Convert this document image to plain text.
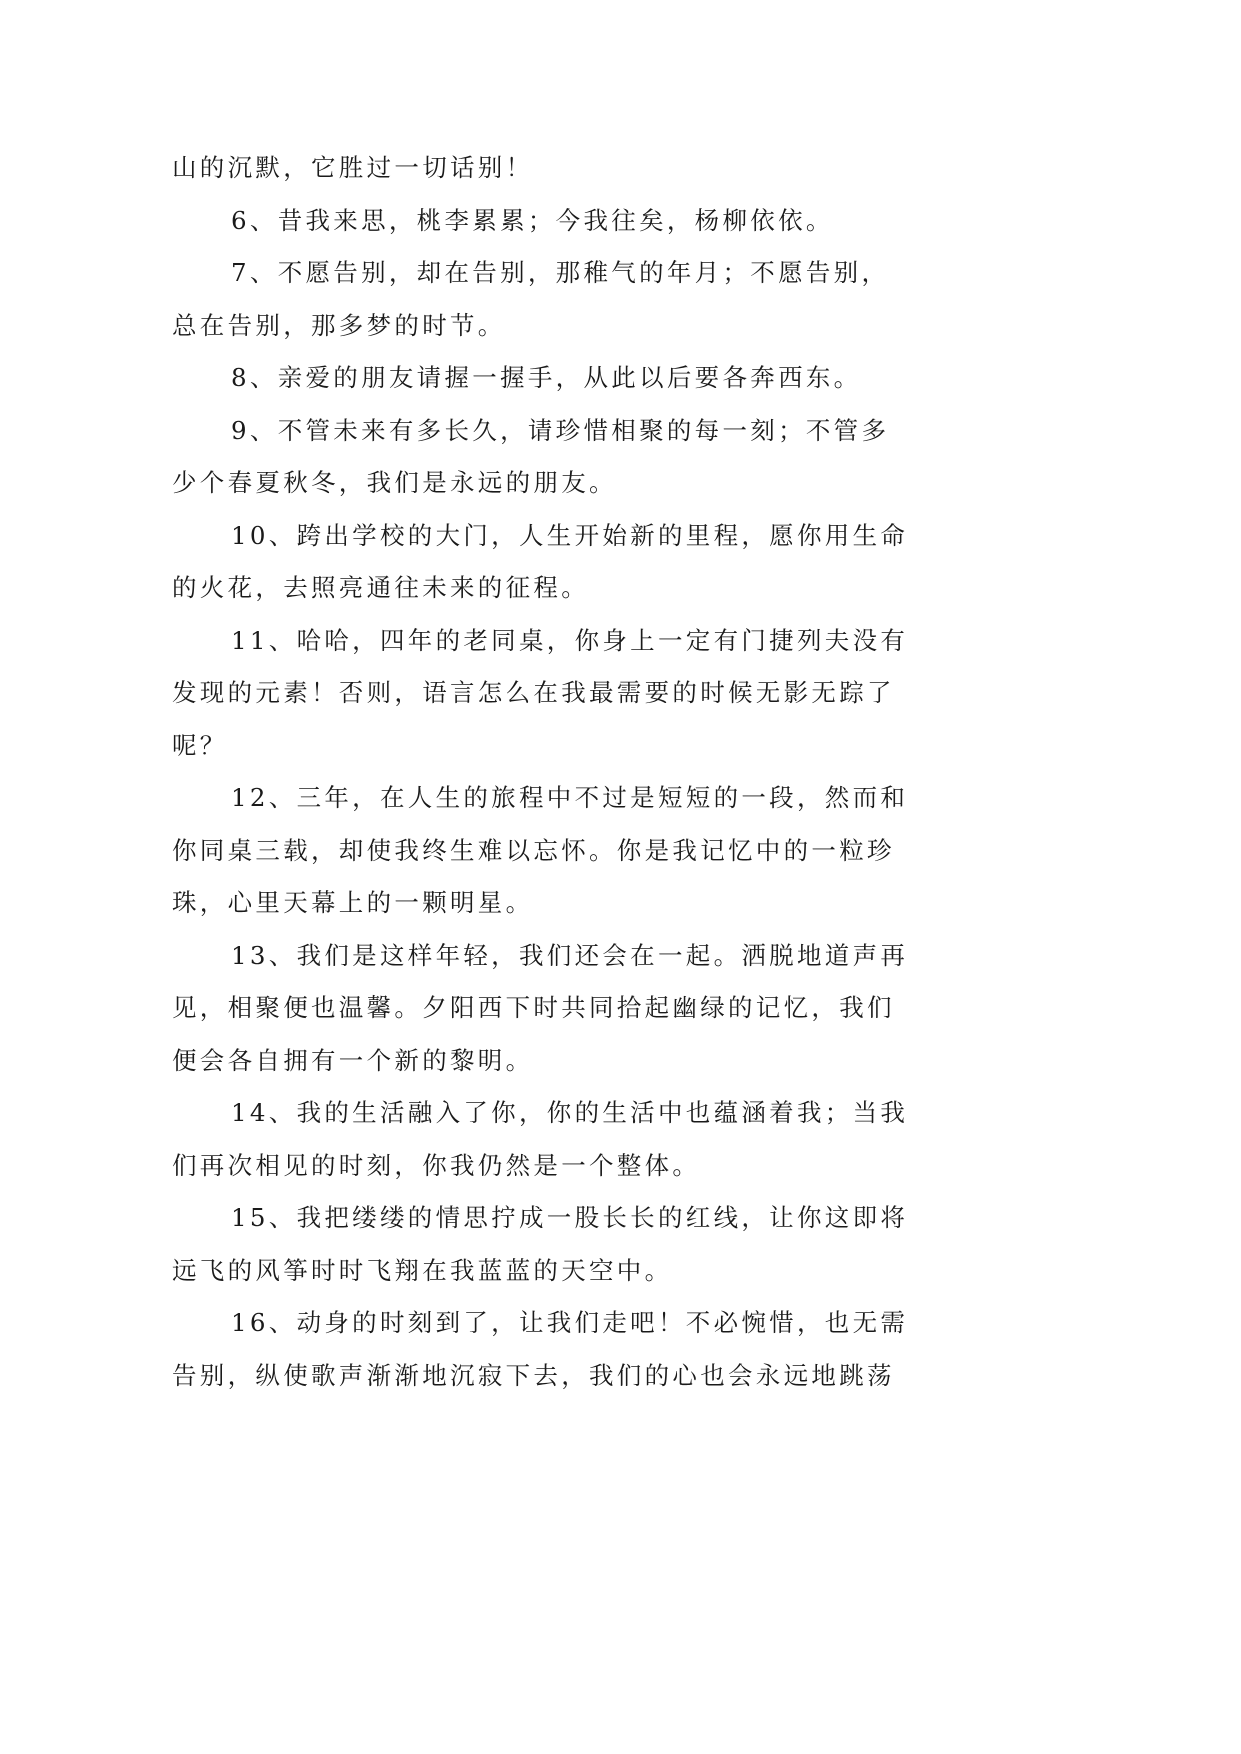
山的沉默，它胜过一切话别！

6、昔我来思，桃李累累；今我往矣，杨柳依依。

7、不愿告别，却在告别，那稚气的年月；不愿告别，

总在告别，那多梦的时节。

8、亲爱的朋友请握一握手，从此以后要各奔西东。

9、不管未来有多长久，请珍惜相聚的每一刻；不管多

少个春夏秋冬，我们是永远的朋友。

10、跨出学校的大门，人生开始新的里程，愿你用生命

的火花，去照亮通往未来的征程。

11、哈哈，四年的老同桌，你身上一定有门捷列夫没有

发现的元素！否则，语言怎么在我最需要的时候无影无踪了

呢？

12、三年，在人生的旅程中不过是短短的一段，然而和

你同桌三载，却使我终生难以忘怀。你是我记忆中的一粒珍

珠，心里天幕上的一颗明星。

13、我们是这样年轻，我们还会在一起。洒脱地道声再

见，相聚便也温馨。夕阳西下时共同拾起幽绿的记忆，我们

便会各自拥有一个新的黎明。

14、我的生活融入了你，你的生活中也蕴涵着我；当我

们再次相见的时刻，你我仍然是一个整体。

15、我把缕缕的情思拧成一股长长的红线，让你这即将

远飞的风筝时时飞翔在我蓝蓝的天空中。

16、动身的时刻到了，让我们走吧！不必惋惜，也无需

告别，纵使歌声渐渐地沉寂下去，我们的心也会永远地跳荡
